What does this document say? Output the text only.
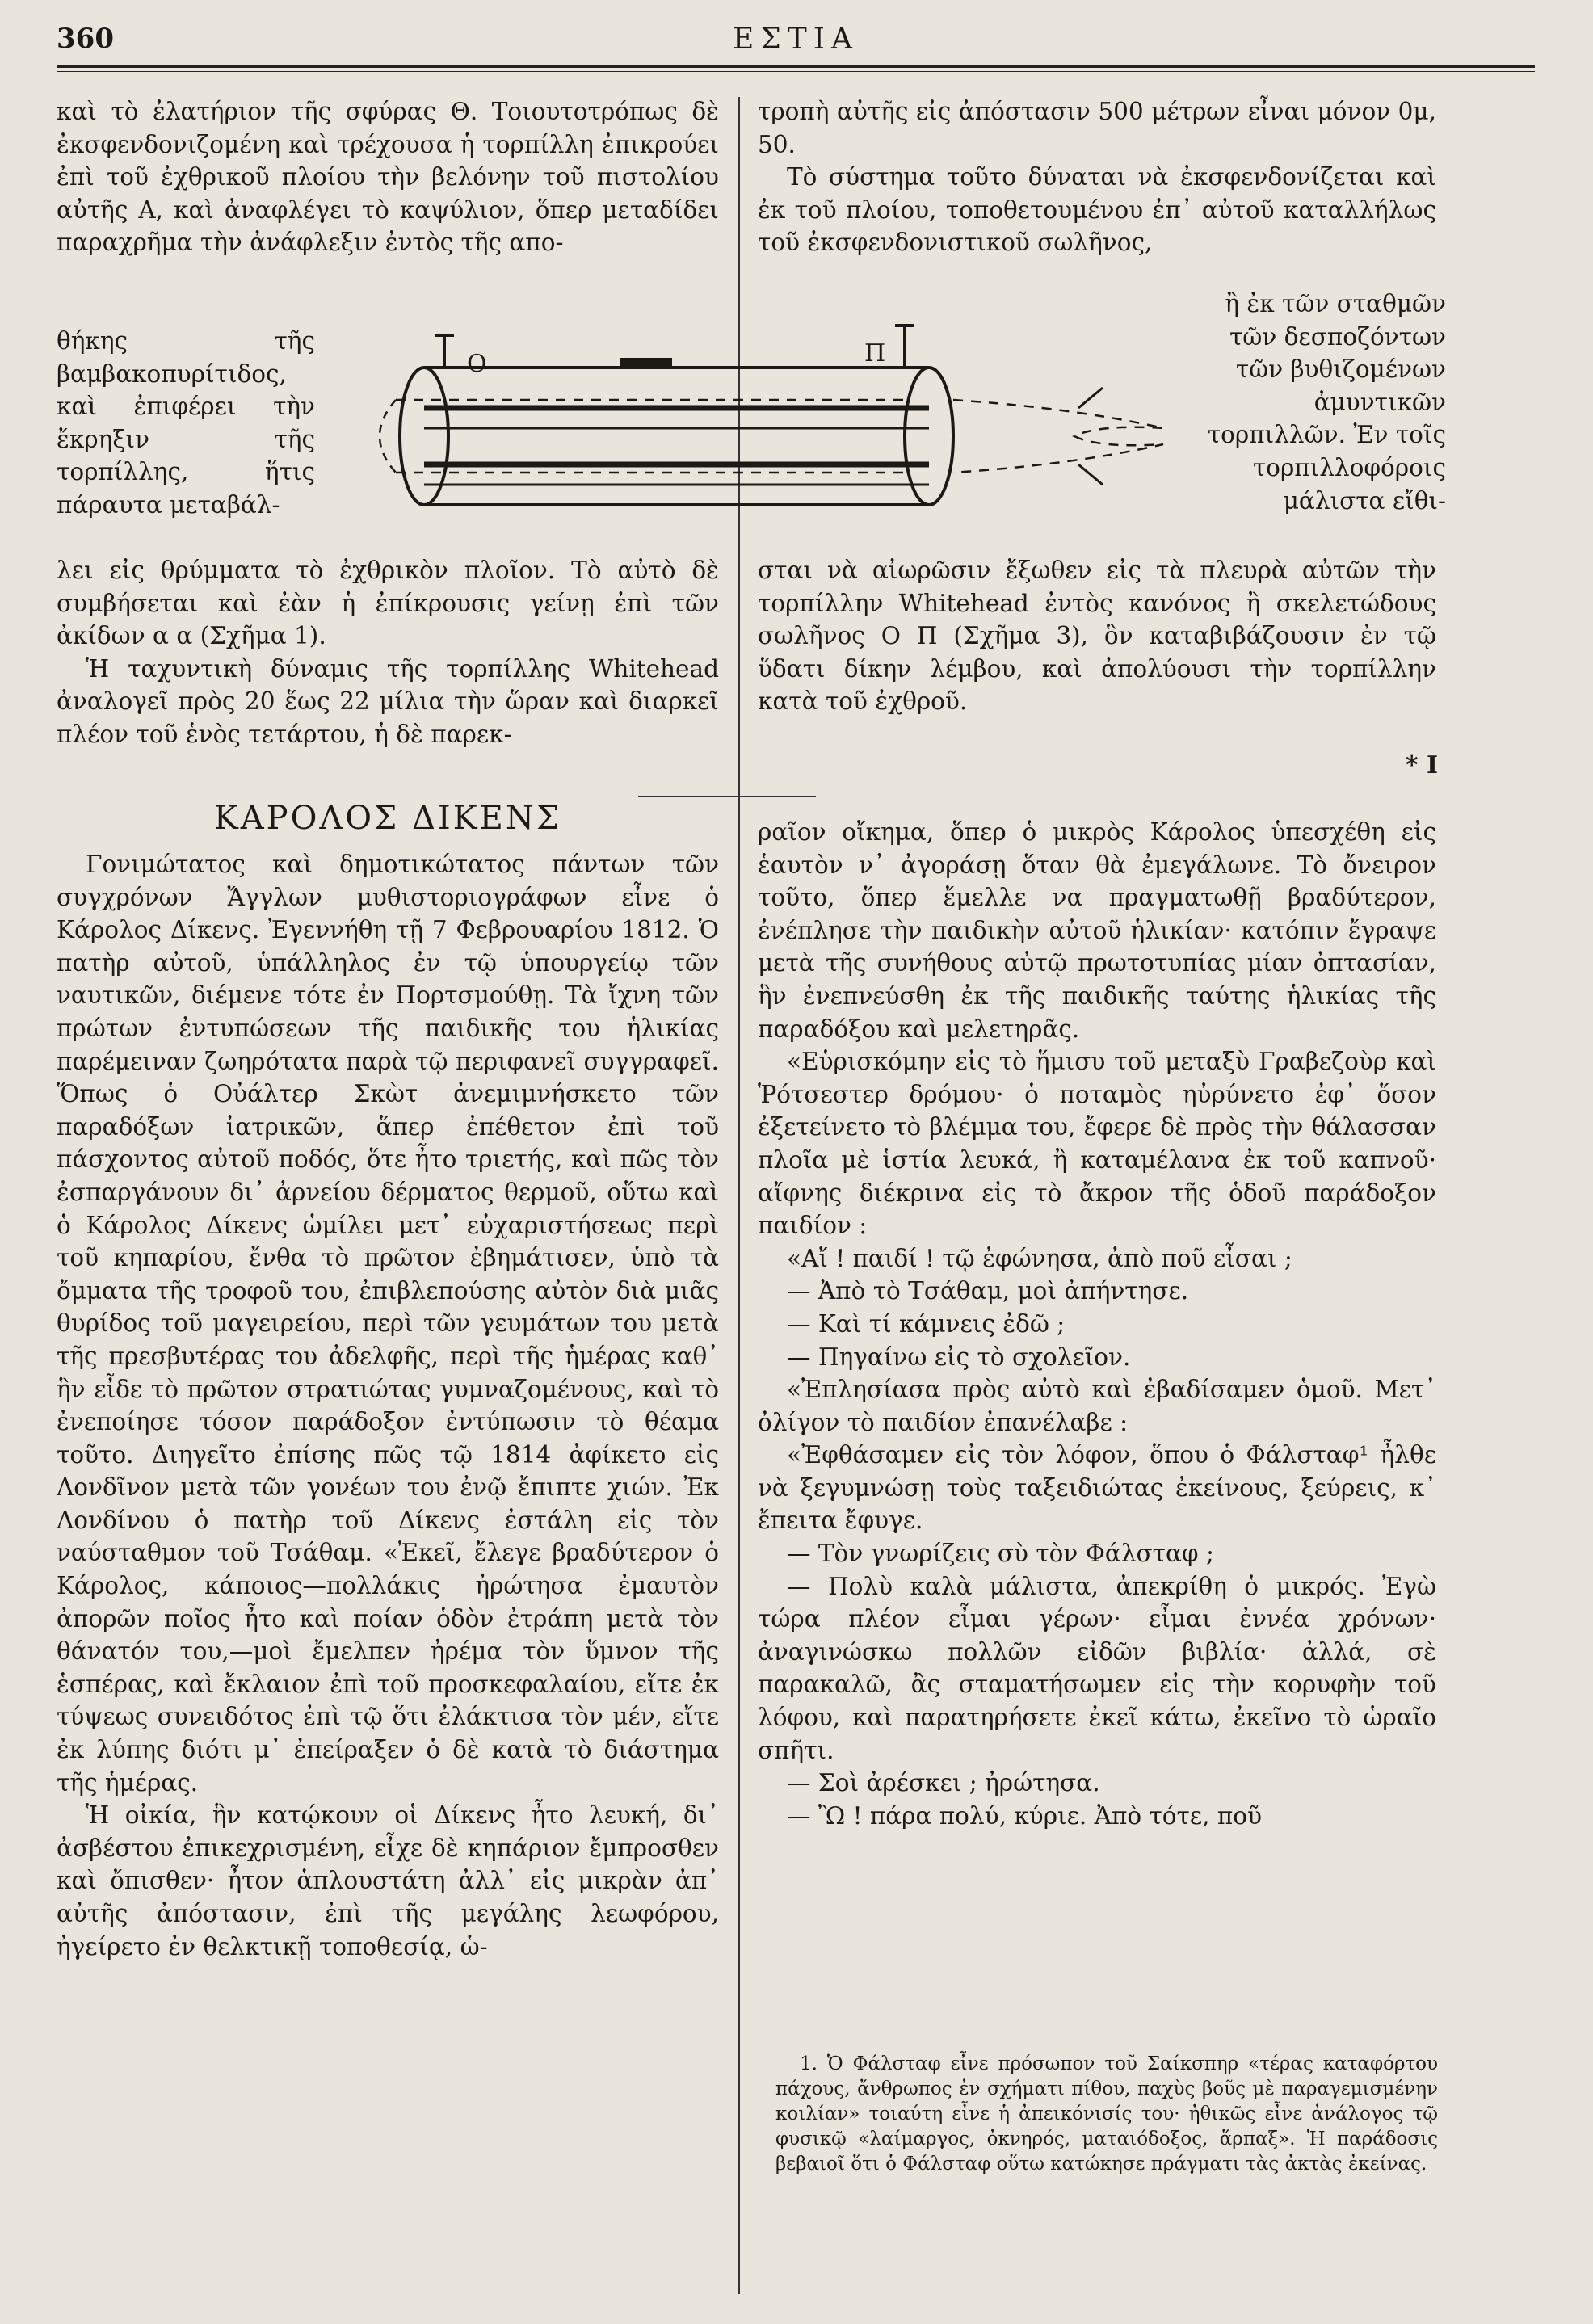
360	ΕΣΤΙΑ

καὶ τὸ ἐλατήριον τῆς σφύρας Θ. Τοιουτοτρόπως δὲ ἐκσφενδονιζομένη καὶ τρέχουσα ἡ τορπίλλη ἐπικρούει ἐπὶ τοῦ ἐχθρικοῦ πλοίου τὴν βελόνην τοῦ πιστολίου αὐτῆς Α, καὶ ἀναφλέγει τὸ καψύλιον, ὅπερ μεταδίδει παραχρῆμα τὴν ἀνάφλεξιν ἐντὸς τῆς απο-

θήκης τῆς βαμβακοπυρίτιδος, καὶ ἐπιφέρει τὴν ἔκρηξιν τῆς τορπίλλης, ἥτις πάραυτα μεταβάλ-

λει εἰς θρύμματα τὸ ἐχθρικὸν πλοῖον. Τὸ αὐτὸ δὲ συμβήσεται καὶ ἐὰν ἡ ἐπίκρουσις γείνῃ ἐπὶ τῶν ἀκίδων α α (Σχῆμα 1).

Ἡ ταχυντικὴ δύναμις τῆς τορπίλλης Whitehead ἀναλογεῖ πρὸς 20 ἕως 22 μίλια τὴν ὥραν καὶ διαρκεῖ πλέον τοῦ ἑνὸς τετάρτου, ἡ δὲ παρεκ-

Ο	Π

τροπὴ αὐτῆς εἰς ἀπόστασιν 500 μέτρων εἶναι μόνον 0μ, 50.

Τὸ σύστημα τοῦτο δύναται νὰ ἐκσφενδονίζεται καὶ ἐκ τοῦ πλοίου, τοποθετουμένου ἐπ᾽ αὐτοῦ καταλλήλως τοῦ ἐκσφενδονιστικοῦ σωλῆνος,

ἢ ἐκ τῶν σταθμῶν τῶν δεσποζόντων τῶν βυθιζομένων ἀμυντικῶν τορπιλλῶν. Ἐν τοῖς τορπιλλοφόροις μάλιστα εἴθι-

σται νὰ αἰωρῶσιν ἔξωθεν εἰς τὰ πλευρὰ αὐτῶν τὴν τορπίλλην Whitehead ἐντὸς κανόνος ἢ σκελετώδους σωλῆνος Ο Π (Σχῆμα 3), ὃν καταβιβάζουσιν ἐν τῷ ὕδατι δίκην λέμβου, καὶ ἀπολύουσι τὴν τορπίλλην κατὰ τοῦ ἐχθροῦ.

* I
ΚΑΡΟΛΟΣ ΔΙΚΕΝΣ

Γονιμώτατος καὶ δημοτικώτατος πάντων τῶν συγχρόνων Ἄγγλων μυθιστοριογράφων εἶνε ὁ Κάρολος Δίκενς. Ἐγεννήθη τῇ 7 Φεβρουαρίου 1812. Ὁ πατὴρ αὐτοῦ, ὑπάλληλος ἐν τῷ ὑπουργείῳ τῶν ναυτικῶν, διέμενε τότε ἐν Πορτσμούθῃ. Τὰ ἴχνη τῶν πρώτων ἐντυπώσεων τῆς παιδικῆς του ἡλικίας παρέμειναν ζωηρότατα παρὰ τῷ περιφανεῖ συγγραφεῖ. Ὅπως ὁ Οὐάλτερ Σκὼτ ἀνεμιμνήσκετο τῶν παραδόξων ἰατρικῶν, ἅπερ ἐπέθετον ἐπὶ τοῦ πάσχοντος αὐτοῦ ποδός, ὅτε ἦτο τριετής, καὶ πῶς τὸν ἐσπαργάνουν δι᾽ ἀρνείου δέρματος θερμοῦ, οὕτω καὶ ὁ Κάρολος Δίκενς ὡμίλει μετ᾽ εὐχαριστήσεως περὶ τοῦ κηπαρίου, ἔνθα τὸ πρῶτον ἐβημάτισεν, ὑπὸ τὰ ὄμματα τῆς τροφοῦ του, ἐπιβλεπούσης αὐτὸν διὰ μιᾶς θυρίδος τοῦ μαγειρείου, περὶ τῶν γευμάτων του μετὰ τῆς πρεσβυτέρας του ἀδελφῆς, περὶ τῆς ἡμέρας καθ᾽ ἣν εἶδε τὸ πρῶτον στρατιώτας γυμναζομένους, καὶ τὸ ἐνεποίησε τόσον παράδοξον ἐντύπωσιν τὸ θέαμα τοῦτο. Διηγεῖτο ἐπίσης πῶς τῷ 1814 ἀφίκετο εἰς Λονδῖνον μετὰ τῶν γονέων του ἐνῷ ἔπιπτε χιών. Ἐκ Λονδίνου ὁ πατὴρ τοῦ Δίκενς ἐστάλη εἰς τὸν ναύσταθμον τοῦ Τσάθαμ. «Ἐκεῖ, ἔλεγε βραδύτερον ὁ Κάρολος, κάποιος—πολλάκις ἠρώτησα ἐμαυτὸν ἀπορῶν ποῖος ἦτο καὶ ποίαν ὁδὸν ἐτράπη μετὰ τὸν θάνατόν του,—μοὶ ἔμελπεν ἠρέμα τὸν ὕμνον τῆς ἑσπέρας, καὶ ἔκλαιον ἐπὶ τοῦ προσκεφαλαίου, εἴτε ἐκ τύψεως συνειδότος ἐπὶ τῷ ὅτι ἐλάκτισα τὸν μέν, εἴτε ἐκ λύπης διότι μ᾽ ἐπείραξεν ὁ δὲ κατὰ τὸ διάστημα τῆς ἡμέρας.

Ἡ οἰκία, ἣν κατῴκουν οἱ Δίκενς ἦτο λευκή, δι᾽ ἀσβέστου ἐπικεχρισμένη, εἶχε δὲ κηπάριον ἔμπροσθεν καὶ ὄπισθεν· ἦτον ἁπλουστάτη ἀλλ᾽ εἰς μικρὰν ἀπ᾽ αὐτῆς ἀπόστασιν, ἐπὶ τῆς μεγάλης λεωφόρου, ἠγείρετο ἐν θελκτικῇ τοποθεσίᾳ, ὡ-

ραῖον οἴκημα, ὅπερ ὁ μικρὸς Κάρολος ὑπεσχέθη εἰς ἑαυτὸν ν᾽ ἀγοράσῃ ὅταν θὰ ἐμεγάλωνε. Τὸ ὄνειρον τοῦτο, ὅπερ ἔμελλε να πραγματωθῇ βραδύτερον, ἐνέπλησε τὴν παιδικὴν αὐτοῦ ἡλικίαν· κατόπιν ἔγραψε μετὰ τῆς συνήθους αὐτῷ πρωτοτυπίας μίαν ὀπτασίαν, ἣν ἐνεπνεύσθη ἐκ τῆς παιδικῆς ταύτης ἡλικίας τῆς παραδόξου καὶ μελετηρᾶς.

«Εὑρισκόμην εἰς τὸ ἥμισυ τοῦ μεταξὺ Γραβεζοὺρ καὶ Ῥότσεστερ δρόμου· ὁ ποταμὸς ηὐρύνετο ἐφ᾽ ὅσον ἐξετείνετο τὸ βλέμμα του, ἔφερε δὲ πρὸς τὴν θάλασσαν πλοῖα μὲ ἱστία λευκά, ἢ καταμέλανα ἐκ τοῦ καπνοῦ· αἴφνης διέκρινα εἰς τὸ ἄκρον τῆς ὁδοῦ παράδοξον παιδίον :

«Αἴ ! παιδί ! τῷ ἐφώνησα, ἀπὸ ποῦ εἶσαι ;

— Ἀπὸ τὸ Τσάθαμ, μοὶ ἀπήντησε.

— Καὶ τί κάμνεις ἐδῶ ;

— Πηγαίνω εἰς τὸ σχολεῖον.

«Ἐπλησίασα πρὸς αὐτὸ καὶ ἐβαδίσαμεν ὁμοῦ. Μετ᾽ ὀλίγον τὸ παιδίον ἐπανέλαβε :

«Ἐφθάσαμεν εἰς τὸν λόφον, ὅπου ὁ Φάλσταφ¹ ἦλθε νὰ ξεγυμνώσῃ τοὺς ταξειδιώτας ἐκείνους, ξεύρεις, κ᾽ ἔπειτα ἔφυγε.

— Τὸν γνωρίζεις σὺ τὸν Φάλσταφ ;

— Πολὺ καλὰ μάλιστα, ἀπεκρίθη ὁ μικρός. Ἐγὼ τώρα πλέον εἶμαι γέρων· εἶμαι ἐννέα χρόνων· ἀναγινώσκω πολλῶν εἰδῶν βιβλία· ἀλλά, σὲ παρακαλῶ, ἂς σταματήσωμεν εἰς τὴν κορυφὴν τοῦ λόφου, καὶ παρατηρήσετε ἐκεῖ κάτω, ἐκεῖνο τὸ ὡραῖο σπῆτι.

— Σοὶ ἀρέσκει ; ἠρώτησα.

— Ὢ ! πάρα πολύ, κύριε. Ἀπὸ τότε, ποῦ

1. Ὁ Φάλσταφ εἶνε πρόσωπον τοῦ Σαίκσπηρ «τέρας καταφόρτου πάχους, ἄνθρωπος ἐν σχήματι πίθου, παχὺς βοῦς μὲ παραγεμισμένην κοιλίαν» τοιαύτη εἶνε ἡ ἀπεικόνισίς του· ἠθικῶς εἶνε ἀνάλογος τῷ φυσικῷ «λαίμαργος, ὀκνηρός, ματαιόδοξος, ἅρπαξ». Ἡ παράδοσις βεβαιοῖ ὅτι ὁ Φάλσταφ οὕτω κατώκησε πράγματι τὰς ἀκτὰς ἐκείνας.
